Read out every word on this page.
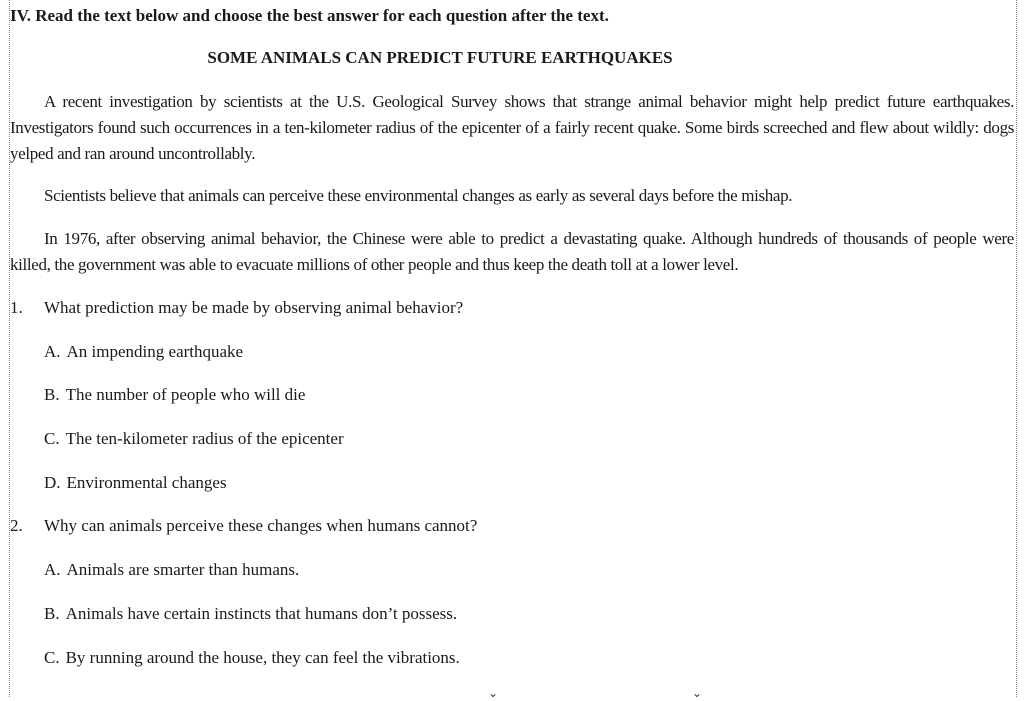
IV. Read the text below and choose the best answer for each question after the text.
SOME ANIMALS CAN PREDICT FUTURE EARTHQUAKES
A recent investigation by scientists at the U.S. Geological Survey shows that strange animal behavior might help predict future earthquakes. Investigators found such occurrences in a ten-kilometer radius of the epicenter of a fairly recent quake. Some birds screeched and flew about wildly: dogs yelped and ran around uncontrollably.
Scientists believe that animals can perceive these environmental changes as early as several days before the mishap.
In 1976, after observing animal behavior, the Chinese were able to predict a devastating quake. Although hundreds of thousands of people were killed, the government was able to evacuate millions of other people and thus keep the death toll at a lower level.
1. What prediction may be made by observing animal behavior?
A. An impending earthquake
B. The number of people who will die
C. The ten-kilometer radius of the epicenter
D. Environmental changes
2. Why can animals perceive these changes when humans cannot?
A. Animals are smarter than humans.
B. Animals have certain instincts that humans don’t possess.
C. By running around the house, they can feel the vibrations.
⌄	⌄
